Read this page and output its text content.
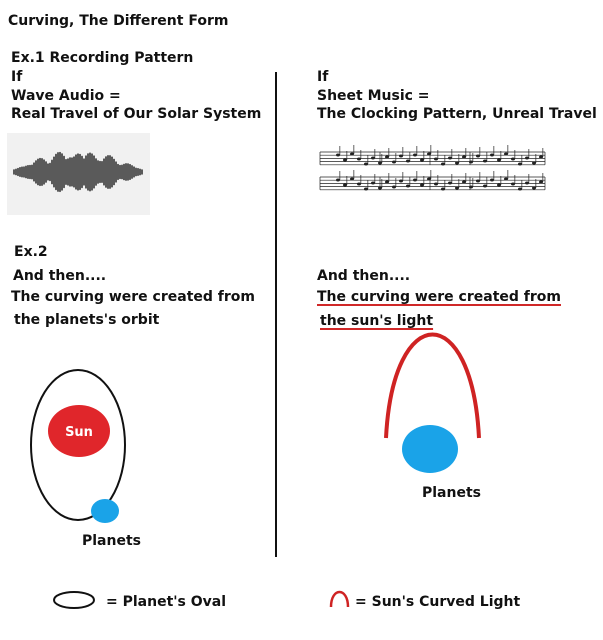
Curving, The Different Form
Ex.1 Recording Pattern
If
Wave Audio =
Real Travel of Our Solar System
Ex.2
And then....
The curving were created from
the planets's orbit
Planets
If
Sheet Music =
The Clocking Pattern, Unreal Travel
And then....
The curving were created from
the sun's light
Planets
= Planet's Oval	= Sun's Curved Light
Sun
